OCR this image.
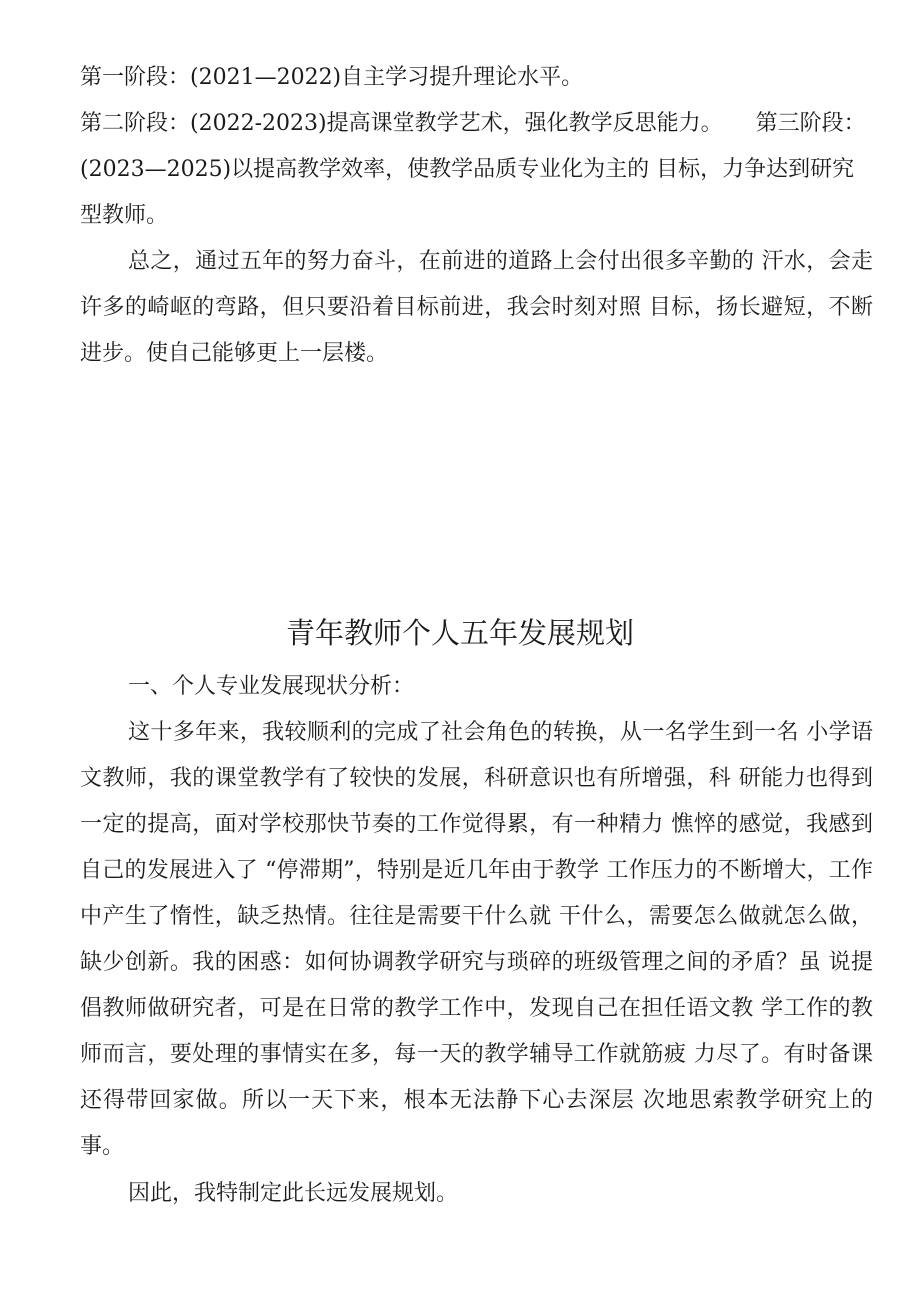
第一阶段：(2021—2022)自主学习提升理论水平。
第二阶段：(2022-2023)提高课堂教学艺术，强化教学反思能力。　　 第三阶段：(2023—2025)以提高教学效率，使教学品质专业化为主的 目标，力争达到研究型教师。

总之，通过五年的努力奋斗，在前进的道路上会付出很多辛勤的 汗水，会走许多的崎岖的弯路，但只要沿着目标前进，我会时刻对照 目标，扬长避短，不断进步。使自己能够更上一层楼。

青年教师个人五年发展规划

一、个人专业发展现状分析：

这十多年来，我较顺利的完成了社会角色的转换，从一名学生到一名 小学语文教师，我的课堂教学有了较快的发展，科研意识也有所增强，科 研能力也得到一定的提高，面对学校那快节奏的工作觉得累，有一种精力 憔悴的感觉，我感到自己的发展进入了 “停滞期”，特别是近几年由于教学 工作压力的不断增大，工作中产生了惰性，缺乏热情。往往是需要干什么就 干什么，需要怎么做就怎么做，缺少创新。我的困惑：如何协调教学研究与琐碎的班级管理之间的矛盾？虽 说提倡教师做研究者，可是在日常的教学工作中，发现自己在担任语文教 学工作的教师而言，要处理的事情实在多，每一天的教学辅导工作就筋疲 力尽了。有时备课还得带回家做。所以一天下来，根本无法静下心去深层 次地思索教学研究上的事。

因此，我特制定此长远发展规划。
